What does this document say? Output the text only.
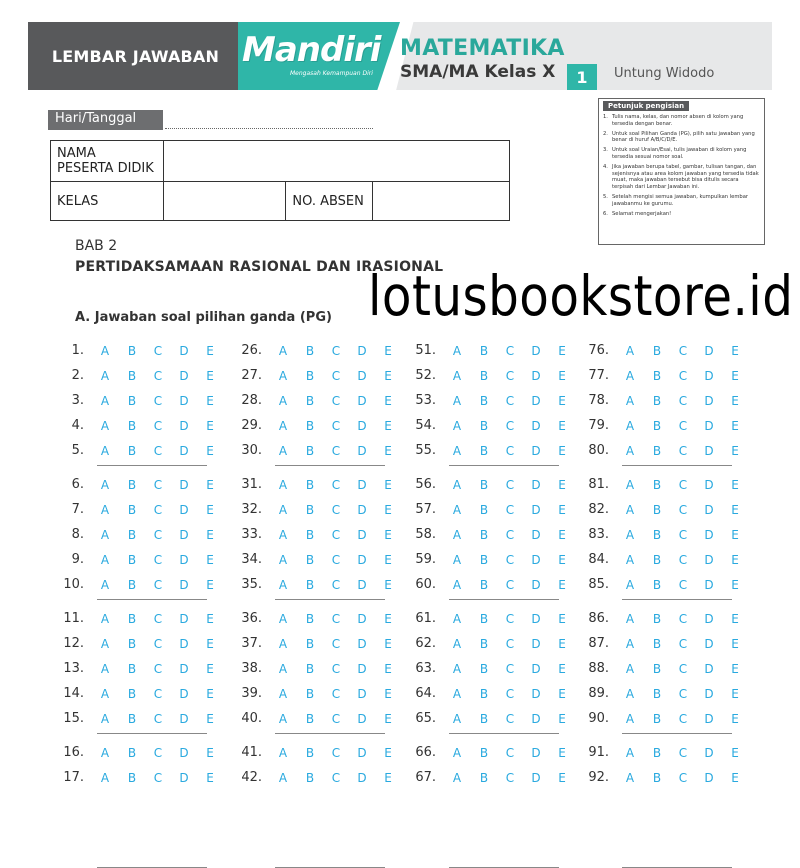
LEMBAR JAWABAN Mandiri
Mengasah Kemampuan Diri
MATEMATIKA
SMA/MA Kelas X	1	Untung Widodo
Hari/Tanggal
NAMA
PESERTA DIDIK			
KELAS		NO. ABSEN	
Petunjuk pengisian
1. Tulis nama, kelas, dan nomor absen di kolom yang tersedia dengan benar.
2. Untuk soal Pilihan Ganda (PG), pilih satu jawaban yang benar di huruf A/B/C/D/E.
3. Untuk soal Uraian/Esai, tulis jawaban di kolom yang tersedia sesuai nomor soal.
4. Jika jawaban berupa tabel, gambar, tulisan tangan, dan sejenisnya atau area kolom jawaban yang tersedia tidak muat, maka jawaban tersebut bisa ditulis secara terpisah dari Lembar Jawaban ini.
5. Setelah mengisi semua jawaban, kumpulkan lembar jawabanmu ke gurumu.
6. Selamat mengerjakan!
BAB 2
PERTIDAKSAMAAN RASIONAL DAN IRASIONAL
lotusbookstore.id
A. Jawaban soal pilihan ganda (PG)
1. A B C D E
2. A B C D E
3. A B C D E
4. A B C D E
5. A B C D E
6. A B C D E
7. A B C D E
8. A B C D E
9. A B C D E
10. A B C D E
11. A B C D E
12. A B C D E
13. A B C D E
14. A B C D E
15. A B C D E
16. A B C D E
17. A B C D E
26. A B C D E
27. A B C D E
28. A B C D E
29. A B C D E
30. A B C D E
31. A B C D E
32. A B C D E
33. A B C D E
34. A B C D E
35. A B C D E
36. A B C D E
37. A B C D E
38. A B C D E
39. A B C D E
40. A B C D E
41. A B C D E
42. A B C D E
51. A B C D E
52. A B C D E
53. A B C D E
54. A B C D E
55. A B C D E
56. A B C D E
57. A B C D E
58. A B C D E
59. A B C D E
60. A B C D E
61. A B C D E
62. A B C D E
63. A B C D E
64. A B C D E
65. A B C D E
66. A B C D E
67. A B C D E
76. A B C D E
77. A B C D E
78. A B C D E
79. A B C D E
80. A B C D E
81. A B C D E
82. A B C D E
83. A B C D E
84. A B C D E
85. A B C D E
86. A B C D E
87. A B C D E
88. A B C D E
89. A B C D E
90. A B C D E
91. A B C D E
92. A B C D E
